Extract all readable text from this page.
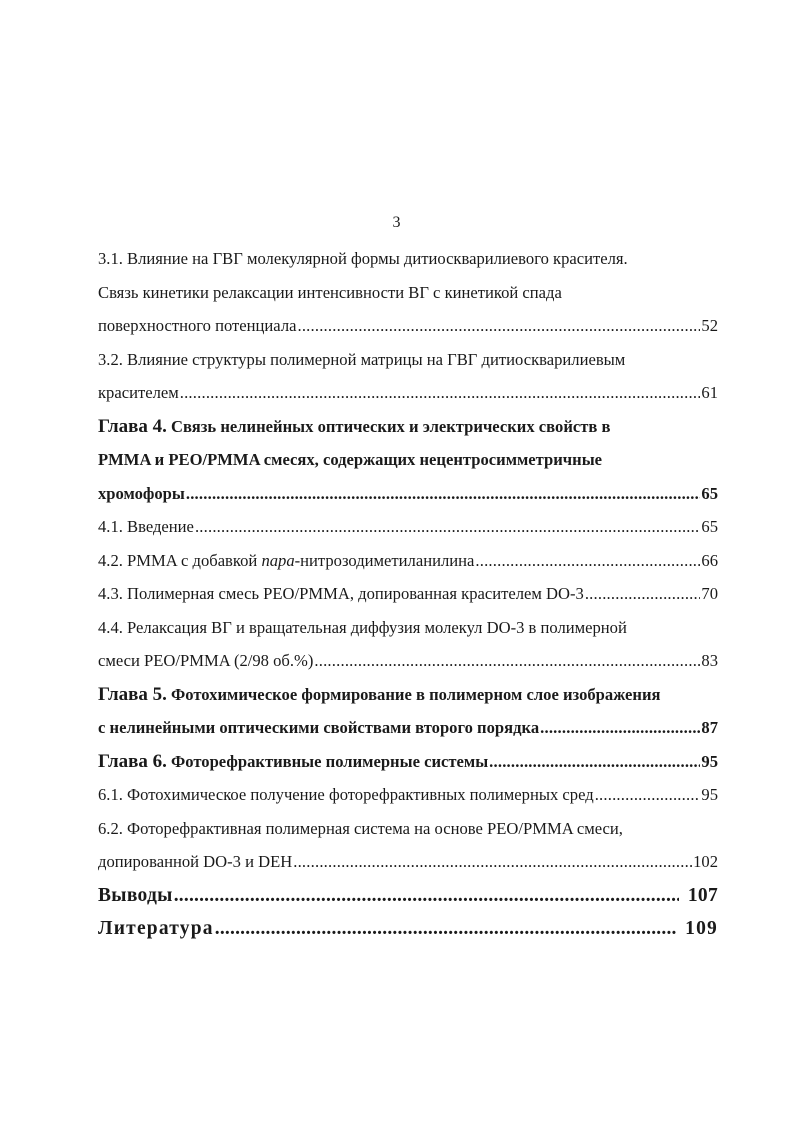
3
3.1. Влияние на ГВГ молекулярной формы дитиоскварилиевого красителя.
Связь кинетики релаксации интенсивности ВГ с кинетикой спада
поверхностного потенциала .....	52
3.2. Влияние структуры полимерной матрицы на ГВГ дитиоскварилиевым
красителем .....	61
Глава 4. Связь нелинейных оптических и электрических свойств в
PMMA и PEO/PMMA смесях, содержащих нецентросимметричные
хромофоры .....	65
4.1. Введение .....	65
4.2. PMMA с добавкой пара-нитрозодиметиланилина .....	66
4.3. Полимерная смесь PEO/PMMA, допированная красителем DO-3 .....	70
4.4. Релаксация ВГ и вращательная диффузия молекул DO-3 в полимерной
смеси PEO/PMMA (2/98 об.%) .....	83
Глава 5. Фотохимическое формирование в полимерном слое изображения
с нелинейными оптическими свойствами второго порядка .....	87
Глава 6. Фоторефрактивные полимерные системы .....	95
6.1. Фотохимическое получение фоторефрактивных полимерных сред .....	95
6.2. Фоторефрактивная полимерная система на основе PEO/PMMA смеси,
допированной DO-3 и DEH .....	102
Выводы .....	107
Литература .....	109
